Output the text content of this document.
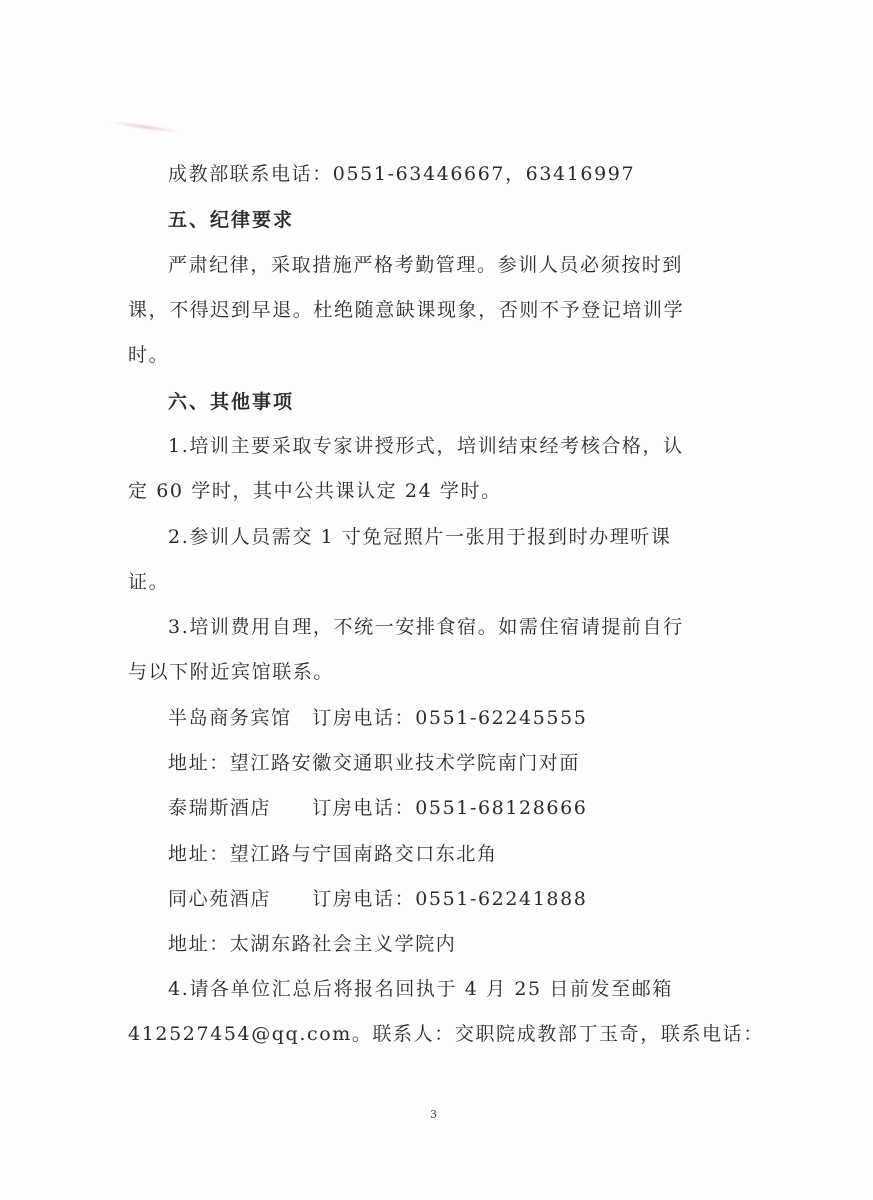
成教部联系电话：0551-63446667，63416997
五、纪律要求
严肃纪律，采取措施严格考勤管理。参训人员必须按时到
课，不得迟到早退。杜绝随意缺课现象，否则不予登记培训学
时。
六、其他事项
1.培训主要采取专家讲授形式，培训结束经考核合格，认
定 60 学时，其中公共课认定 24 学时。
2.参训人员需交 1 寸免冠照片一张用于报到时办理听课
证。
3.培训费用自理，不统一安排食宿。如需住宿请提前自行
与以下附近宾馆联系。
半岛商务宾馆　订房电话：0551-62245555
地址：望江路安徽交通职业技术学院南门对面
泰瑞斯酒店　　订房电话：0551-68128666
地址：望江路与宁国南路交口东北角
同心苑酒店　　订房电话：0551-62241888
地址：太湖东路社会主义学院内
4.请各单位汇总后将报名回执于 4 月 25 日前发至邮箱
412527454@qq.com。联系人：交职院成教部丁玉奇，联系电话：
3
